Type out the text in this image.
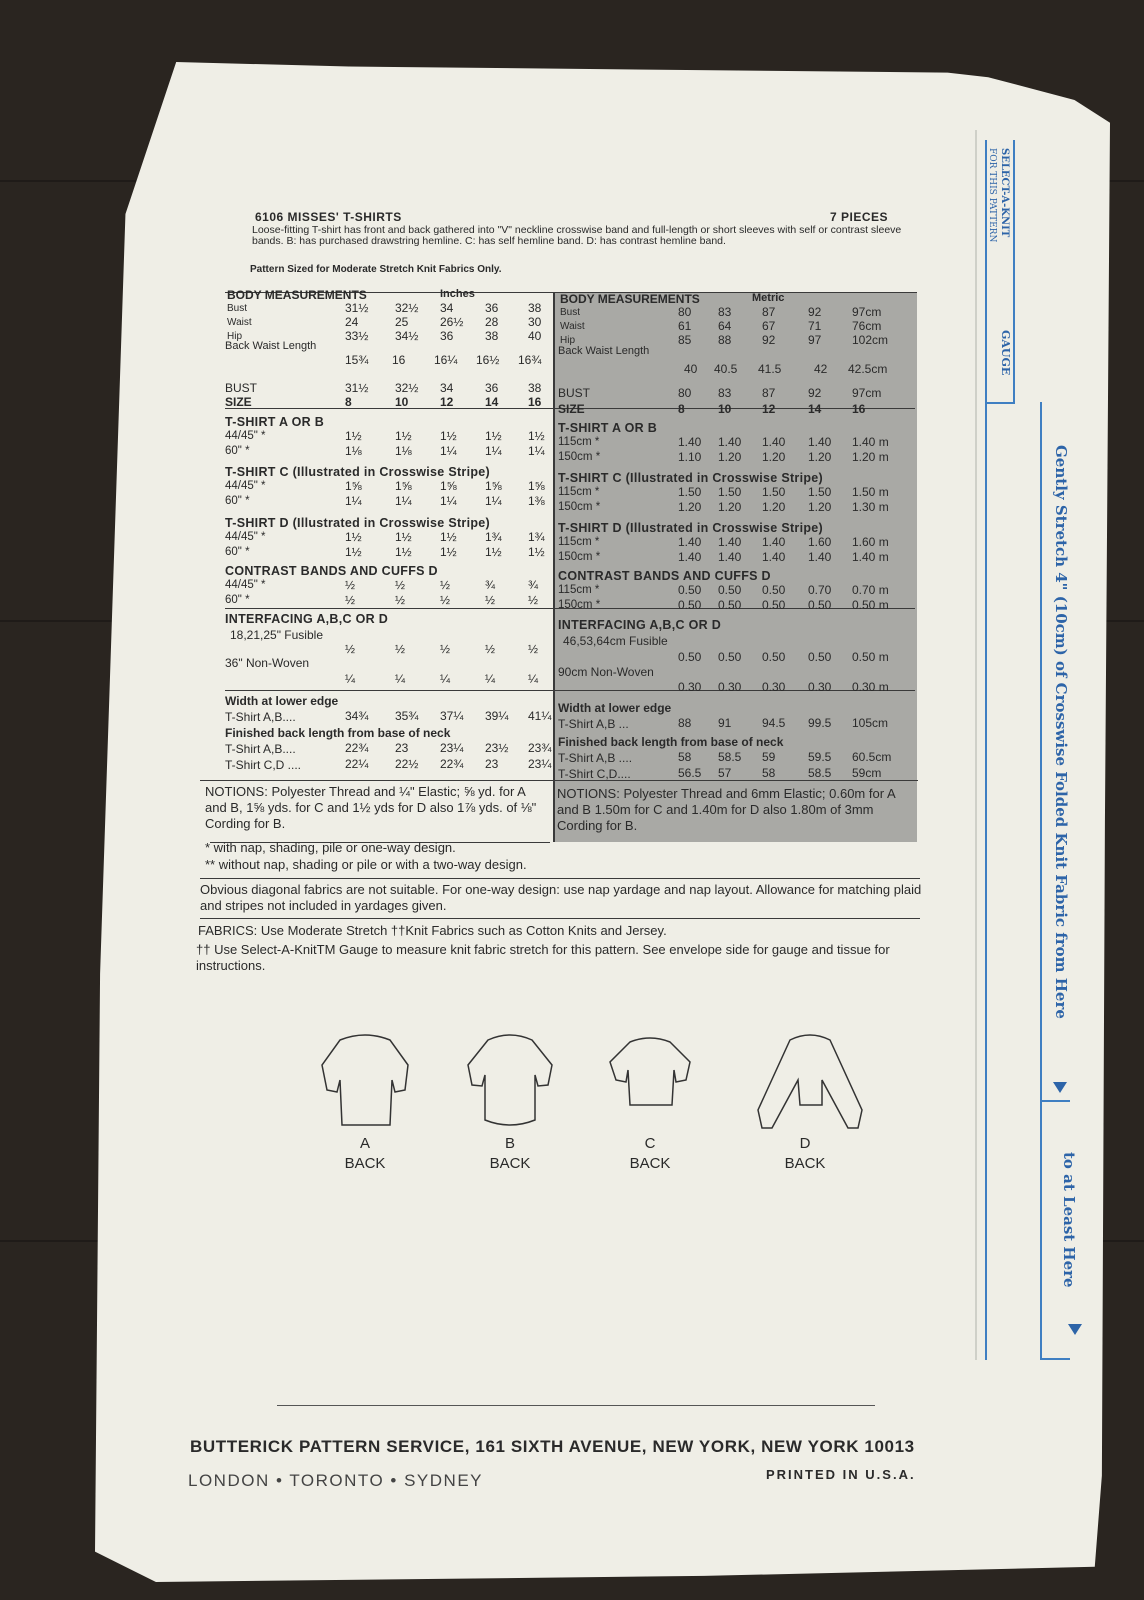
SELECT-A-KNIT
FOR THIS PATTERN
GAUGE
Gently Stretch 4" (10cm) of Crosswise Folded Knit Fabric from Here
to at Least Here
6106 MISSES' T-SHIRTS	7 PIECES
Loose-fitting T-shirt has front and back gathered into "V" neckline crosswise band and full-length or short sleeves with self or contrast sleeve bands. B: has purchased drawstring hemline. C: has self hemline band. D: has contrast hemline band.
Pattern Sized for Moderate Stretch Knit Fabrics Only.
BODY MEASUREMENTS	Inches
Bust	31½ 32½ 34	36 38
Waist	24	25	26½ 28 30
Hip	33½ 34½ 36	38 40
Back Waist Length
15¾ 16 16¼ 16½ 16¾
BUST	31½ 32½ 34	36 38
SIZE	8	10	12	14 16
T-SHIRT A OR B
44/45" *	1½	1½ 1½ 1½ 1½
60" *	1⅛	1⅛ 1¼ 1¼ 1¼
T-SHIRT C (Illustrated in Crosswise Stripe)
44/45" *	1⅝	1⅝ 1⅝ 1⅝ 1⅝
60" *	1¼	1¼ 1¼ 1¼ 1⅜
T-SHIRT D (Illustrated in Crosswise Stripe)
44/45" *	1½	1½ 1½ 1¾ 1¾
60" *	1½	1½ 1½ 1½ 1½
CONTRAST BANDS AND CUFFS D
44/45" *	½	½	½	¾	¾
60" *	½	½	½	½	½
INTERFACING A,B,C OR D
18,21,25" Fusible
½	½	½	½	½
36" Non-Woven
¼	¼	¼	¼	¼
Width at lower edge
T-Shirt A,B....	34¾ 35¾ 37¼ 39¼ 41¼
Finished back length from base of neck
T-Shirt A,B....	22¾ 23	23¼ 23½ 23¾
T-Shirt C,D ....	22¼ 22½ 22¾ 23 23¼
BODY MEASUREMENTS	Metric
Bust	80 83	87	92	97cm
Waist	61 64	67	71	76cm
Hip	85 88	92	97	102cm
Back Waist Length
40 40.5 41.5	42 42.5cm
BUST	80 83	87	92	97cm
SIZE	8	10	12	14	16
T-SHIRT A OR B
115cm *	1.40 1.40 1.40 1.40 1.40 m
150cm *	1.10 1.20 1.20 1.20 1.20 m
T-SHIRT C (Illustrated in Crosswise Stripe)
115cm *	1.50 1.50 1.50 1.50 1.50 m
150cm *	1.20 1.20 1.20 1.20 1.30 m
T-SHIRT D (Illustrated in Crosswise Stripe)
115cm *	1.40 1.40 1.40 1.60 1.60 m
150cm *	1.40 1.40 1.40 1.40 1.40 m
CONTRAST BANDS AND CUFFS D
115cm *	0.50 0.50 0.50 0.70 0.70 m
150cm *	0.50 0.50 0.50 0.50 0.50 m
INTERFACING A,B,C OR D
46,53,64cm Fusible
0.50 0.50 0.50 0.50 0.50 m
90cm Non-Woven
0.30 0.30 0.30 0.30 0.30 m
Width at lower edge
T-Shirt A,B ...	88 91	94.5 99.5 105cm
Finished back length from base of neck
T-Shirt A,B ....	58 58.5 59	59.5 60.5cm
T-Shirt C,D....	56.5 57	58	58.5 59cm
NOTIONS: Polyester Thread and ¼" Elastic; ⅝ yd. for A and B, 1⅝ yds. for C and 1½ yds for D also 1⅞ yds. of ⅛" Cording for B.
NOTIONS: Polyester Thread and 6mm Elastic; 0.60m for A and B 1.50m for C and 1.40m for D also 1.80m of 3mm Cording for B.
* with nap, shading, pile or one-way design.
** without nap, shading or pile or with a two-way design.
Obvious diagonal fabrics are not suitable. For one-way design: use nap yardage and nap layout. Allowance for matching plaid and stripes not included in yardages given.
FABRICS: Use Moderate Stretch ††Knit Fabrics such as Cotton Knits and Jersey.
†† Use Select-A-KnitTM Gauge to measure knit fabric stretch for this pattern. See envelope side for gauge and tissue for instructions.
A
BACK
B
BACK
C
BACK
D
BACK
BUTTERICK PATTERN SERVICE, 161 SIXTH AVENUE, NEW YORK, NEW YORK 10013
LONDON • TORONTO • SYDNEY	PRINTED IN U.S.A.
